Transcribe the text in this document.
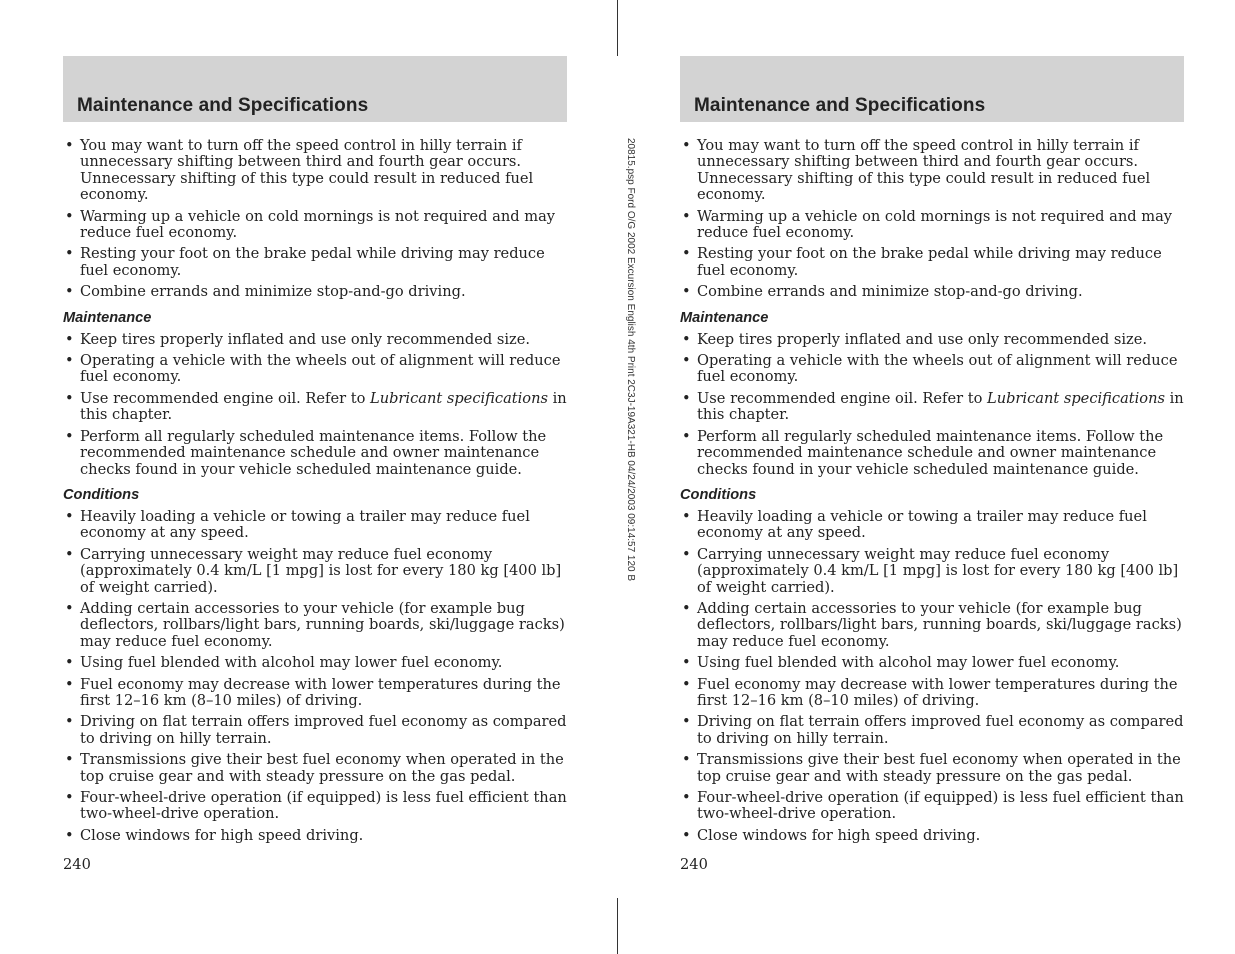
20815.psp Ford O/G 2002 Excursion English 4th Print 2C3J-19A321-HB 04/24/2003 09:14:57 120 B
Maintenance and Specifications
• You may want to turn off the speed control in hilly terrain if unnecessary shifting between third and fourth gear occurs. Unnecessary shifting of this type could result in reduced fuel economy.
• Warming up a vehicle on cold mornings is not required and may reduce fuel economy.
• Resting your foot on the brake pedal while driving may reduce fuel economy.
• Combine errands and minimize stop-and-go driving.
Maintenance
• Keep tires properly inflated and use only recommended size.
• Operating a vehicle with the wheels out of alignment will reduce fuel economy.
• Use recommended engine oil. Refer to Lubricant specifications in this chapter.
• Perform all regularly scheduled maintenance items. Follow the recommended maintenance schedule and owner maintenance checks found in your vehicle scheduled maintenance guide.
Conditions
• Heavily loading a vehicle or towing a trailer may reduce fuel economy at any speed.
• Carrying unnecessary weight may reduce fuel economy (approximately 0.4 km/L [1 mpg] is lost for every 180 kg [400 lb] of weight carried).
• Adding certain accessories to your vehicle (for example bug deflectors, rollbars/light bars, running boards, ski/luggage racks) may reduce fuel economy.
• Using fuel blended with alcohol may lower fuel economy.
• Fuel economy may decrease with lower temperatures during the first 12–16 km (8–10 miles) of driving.
• Driving on flat terrain offers improved fuel economy as compared to driving on hilly terrain.
• Transmissions give their best fuel economy when operated in the top cruise gear and with steady pressure on the gas pedal.
• Four-wheel-drive operation (if equipped) is less fuel efficient than two-wheel-drive operation.
• Close windows for high speed driving.
240
Maintenance and Specifications
• You may want to turn off the speed control in hilly terrain if unnecessary shifting between third and fourth gear occurs. Unnecessary shifting of this type could result in reduced fuel economy.
• Warming up a vehicle on cold mornings is not required and may reduce fuel economy.
• Resting your foot on the brake pedal while driving may reduce fuel economy.
• Combine errands and minimize stop-and-go driving.
Maintenance
• Keep tires properly inflated and use only recommended size.
• Operating a vehicle with the wheels out of alignment will reduce fuel economy.
• Use recommended engine oil. Refer to Lubricant specifications in this chapter.
• Perform all regularly scheduled maintenance items. Follow the recommended maintenance schedule and owner maintenance checks found in your vehicle scheduled maintenance guide.
Conditions
• Heavily loading a vehicle or towing a trailer may reduce fuel economy at any speed.
• Carrying unnecessary weight may reduce fuel economy (approximately 0.4 km/L [1 mpg] is lost for every 180 kg [400 lb] of weight carried).
• Adding certain accessories to your vehicle (for example bug deflectors, rollbars/light bars, running boards, ski/luggage racks) may reduce fuel economy.
• Using fuel blended with alcohol may lower fuel economy.
• Fuel economy may decrease with lower temperatures during the first 12–16 km (8–10 miles) of driving.
• Driving on flat terrain offers improved fuel economy as compared to driving on hilly terrain.
• Transmissions give their best fuel economy when operated in the top cruise gear and with steady pressure on the gas pedal.
• Four-wheel-drive operation (if equipped) is less fuel efficient than two-wheel-drive operation.
• Close windows for high speed driving.
240
